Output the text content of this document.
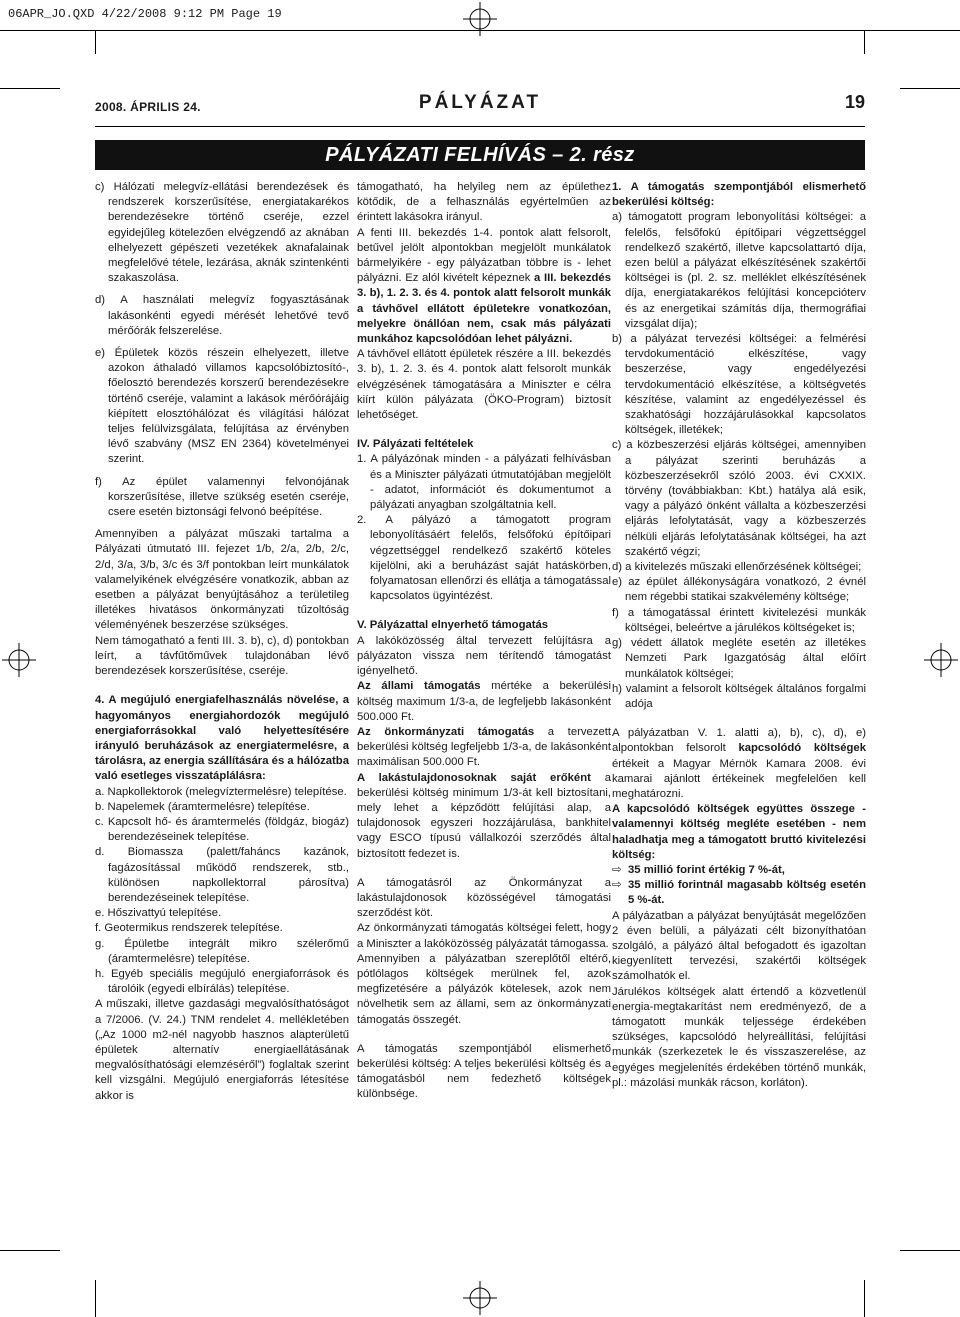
06APR_JO.QXD 4/22/2008 9:12 PM Page 19
2008. ÁPRILIS 24.	PÁLYÁZAT	19
PÁLYÁZATI FELHÍVÁS – 2. rész

c) Hálózati melegvíz-ellátási berendezések és rendszerek korszerűsítése, energiatakarékos berendezésekre történő cseréje, ezzel egyidejűleg kötelezően elvégzendő az aknában elhelyezett gépészeti vezetékek aknafalainak megfelelővé tétele, lezárása, aknák szintenkénti szakaszolása.

d) A használati melegvíz fogyasztásának lakásonkénti egyedi mérését lehetővé tevő mérőórák felszerelése.

e) Épületek közös részein elhelyezett, illetve azokon áthaladó villamos kapcsolóbiztosító-, főelosztó berendezés korszerű berendezésekre történő cseréje, valamint a lakások mérőórájáig kiépített elosztóhálózat és világítási hálózat teljes felülvizsgálata, felújítása az érvényben lévő szabvány (MSZ EN 2364) követelményei szerint.

f) Az épület valamennyi felvonójának korszerűsítése, illetve szükség esetén cseréje, csere esetén biztonsági felvonó beépítése.

Amennyiben a pályázat műszaki tartalma a Pályázati útmutató III. fejezet 1/b, 2/a, 2/b, 2/c, 2/d, 3/a, 3/b, 3/c és 3/f pontokban leírt munkálatok valamelyikének elvégzésére vonatkozik, abban az esetben a pályázat benyújtásához a területileg illetékes hivatásos önkormányzati tűzoltóság véleményének beszerzése szükséges.

Nem támogatható a fenti III. 3. b), c), d) pontokban leírt, a távfűtőművek tulajdonában lévő berendezések korszerűsítése, cseréje.

4. A megújuló energiafelhasználás növelése, a hagyományos energiahordozók megújuló energiaforrásokkal való helyettesítésére irányuló beruházások az energiatermelésre, a tárolásra, az energia szállítására és a hálózatba való esetleges visszatáplálásra:

a. Napkollektorok (melegvíztermelésre) telepítése.

b. Napelemek (áramtermelésre) telepítése.

c. Kapcsolt hő- és áramtermelés (földgáz, biogáz) berendezéseinek telepítése.

d. Biomassza (palett/faháncs kazánok, fagázosítással működő rendszerek, stb., különösen napkollektorral párosítva) berendezéseinek telepítése.

e. Hőszivattyú telepítése.

f. Geotermikus rendszerek telepítése.

g. Épületbe integrált mikro szélerőmű (áramtermelésre) telepítése.

h. Egyéb speciális megújuló energiaforrások és tárolóik (egyedi elbírálás) telepítése.

A műszaki, illetve gazdasági megvalósíthatóságot a 7/2006. (V. 24.) TNM rendelet 4. mellékletében („Az 1000 m2-nél nagyobb hasznos alapterületű épületek alternatív energiaellátásának megvalósíthatósági elemzéséről”) foglaltak szerint kell vizsgálni. Megújuló energiaforrás létesítése akkor is

támogatható, ha helyileg nem az épülethez kötődik, de a felhasználás egyértelműen az érintett lakásokra irányul.

A fenti III. bekezdés 1-4. pontok alatt felsorolt, betűvel jelölt alpontokban megjelölt munkálatok bármelyikére - egy pályázatban többre is - lehet pályázni. Ez alól kivételt képeznek a III. bekezdés 3. b), 1. 2. 3. és 4. pontok alatt felsorolt munkák a távhővel ellátott épületekre vonatkozóan, melyekre önállóan nem, csak más pályázati munkához kapcsolódóan lehet pályázni.

A távhővel ellátott épületek részére a III. bekezdés 3. b), 1. 2. 3. és 4. pontok alatt felsorolt munkák elvégzésének támogatására a Miniszter e célra kiírt külön pályázata (ÖKO-Program) biztosít lehetőséget.

IV. Pályázati feltételek

1. A pályázónak minden - a pályázati felhívásban és a Miniszter pályázati útmutatójában megjelölt - adatot, információt és dokumentumot a pályázati anyagban szolgáltatnia kell.

2. A pályázó a támogatott program lebonyolításáért felelős, felsőfokú építőipari végzettséggel rendelkező szakértő köteles kijelölni, aki a beruházást saját hatáskörben, folyamatosan ellenőrzi és ellátja a támogatással kapcsolatos ügyintézést.

V. Pályázattal elnyerhető támogatás

A lakóközösség által tervezett felújításra a pályázaton vissza nem térítendő támogatást igényelhető.

Az állami támogatás mértéke a bekerülési költség maximum 1/3-a, de legfeljebb lakásonként 500.000 Ft.

Az önkormányzati támogatás a tervezett bekerülési költség legfeljebb 1/3-a, de lakásonként maximálisan 500.000 Ft.

A lakástulajdonosoknak saját erőként a bekerülési költség minimum 1/3-át kell biztosítani, mely lehet a képződött felújítási alap, a tulajdonosok egyszeri hozzájárulása, bankhitel vagy ESCO típusú vállalkozói szerződés által biztosított fedezet is.

A támogatásról az Önkormányzat a lakástulajdonosok közösségével támogatási szerződést köt.

Az önkormányzati támogatás költségei felett, hogy a Miniszter a lakóközösség pályázatát támogassa.

Amennyiben a pályázatban szereplőtől eltérő, pótlólagos költségek merülnek fel, azok megfizetésére a pályázók kötelesek, azok nem növelhetik sem az állami, sem az önkormányzati támogatás összegét.

A támogatás szempontjából elismerhető bekerülési költség: A teljes bekerülési költség és a támogatásból nem fedezhető költségek különbsége.

1. A támogatás szempontjából elismerhető bekerülési költség:

a) támogatott program lebonyolítási költségei: a felelős, felsőfokú építőipari végzettséggel rendelkező szakértő, illetve kapcsolattartó díja, ezen belül a pályázat elkészítésének szakértői költségei is (pl. 2. sz. melléklet elkészítésének díja, energiatakarékos felújítási koncepcióterv és az energetikai számítás díja, thermográfiai vizsgálat díja);

b) a pályázat tervezési költségei: a felmérési tervdokumentáció elkészítése, vagy beszerzése, vagy engedélyezési tervdokumentáció elkészítése, a költségvetés készítése, valamint az engedélyezéssel és szakhatósági hozzájárulásokkal kapcsolatos költségek, illetékek;

c) a közbeszerzési eljárás költségei, amennyiben a pályázat szerinti beruházás a közbeszerzésekről szóló 2003. évi CXXIX. törvény (továbbiakban: Kbt.) hatálya alá esik, vagy a pályázó önként vállalta a közbeszerzési eljárás lefolytatását, vagy a közbeszerzés nélküli eljárás lefolytatásának költségei, ha azt szakértő végzi;

d) a kivitelezés műszaki ellenőrzésének költségei;

e) az épület állékonyságára vonatkozó, 2 évnél nem régebbi statikai szakvélemény költsége;

f) a támogatással érintett kivitelezési munkák költségei, beleértve a járulékos költségeket is;

g) védett állatok megléte esetén az illetékes Nemzeti Park Igazgatóság által előírt munkálatok költségei;

h) valamint a felsorolt költségek általános forgalmi adója

A pályázatban V. 1. alatti a), b), c), d), e) alpontokban felsorolt kapcsolódó költségek értékeit a Magyar Mérnök Kamara 2008. évi kamarai ajánlott értékeinek megfelelően kell meghatározni.

A kapcsolódó költségek együttes összege - valamennyi költség megléte esetében - nem haladhatja meg a támogatott bruttó kivitelezési költség:

⇨ 35 millió forint értékig 7 %-át,

⇨ 35 millió forintnál magasabb költség esetén 5 %-át.

A pályázatban a pályázat benyújtását megelőzően 2 éven belüli, a pályázati célt bizonyíthatóan szolgáló, a pályázó által befogadott és igazoltan kiegyenlített tervezési, szakértői költségek számolhatók el.

Járulékos költségek alatt értendő a közvetlenül energia-megtakarítást nem eredményező, de a támogatott munkák teljessége érdekében szükséges, kapcsolódó helyreállítási, felújítási munkák (szerkezetek le és visszaszerelése, az egyéges megjelenítés érdekében történő munkák, pl.: mázolási munkák rácson, korláton).
